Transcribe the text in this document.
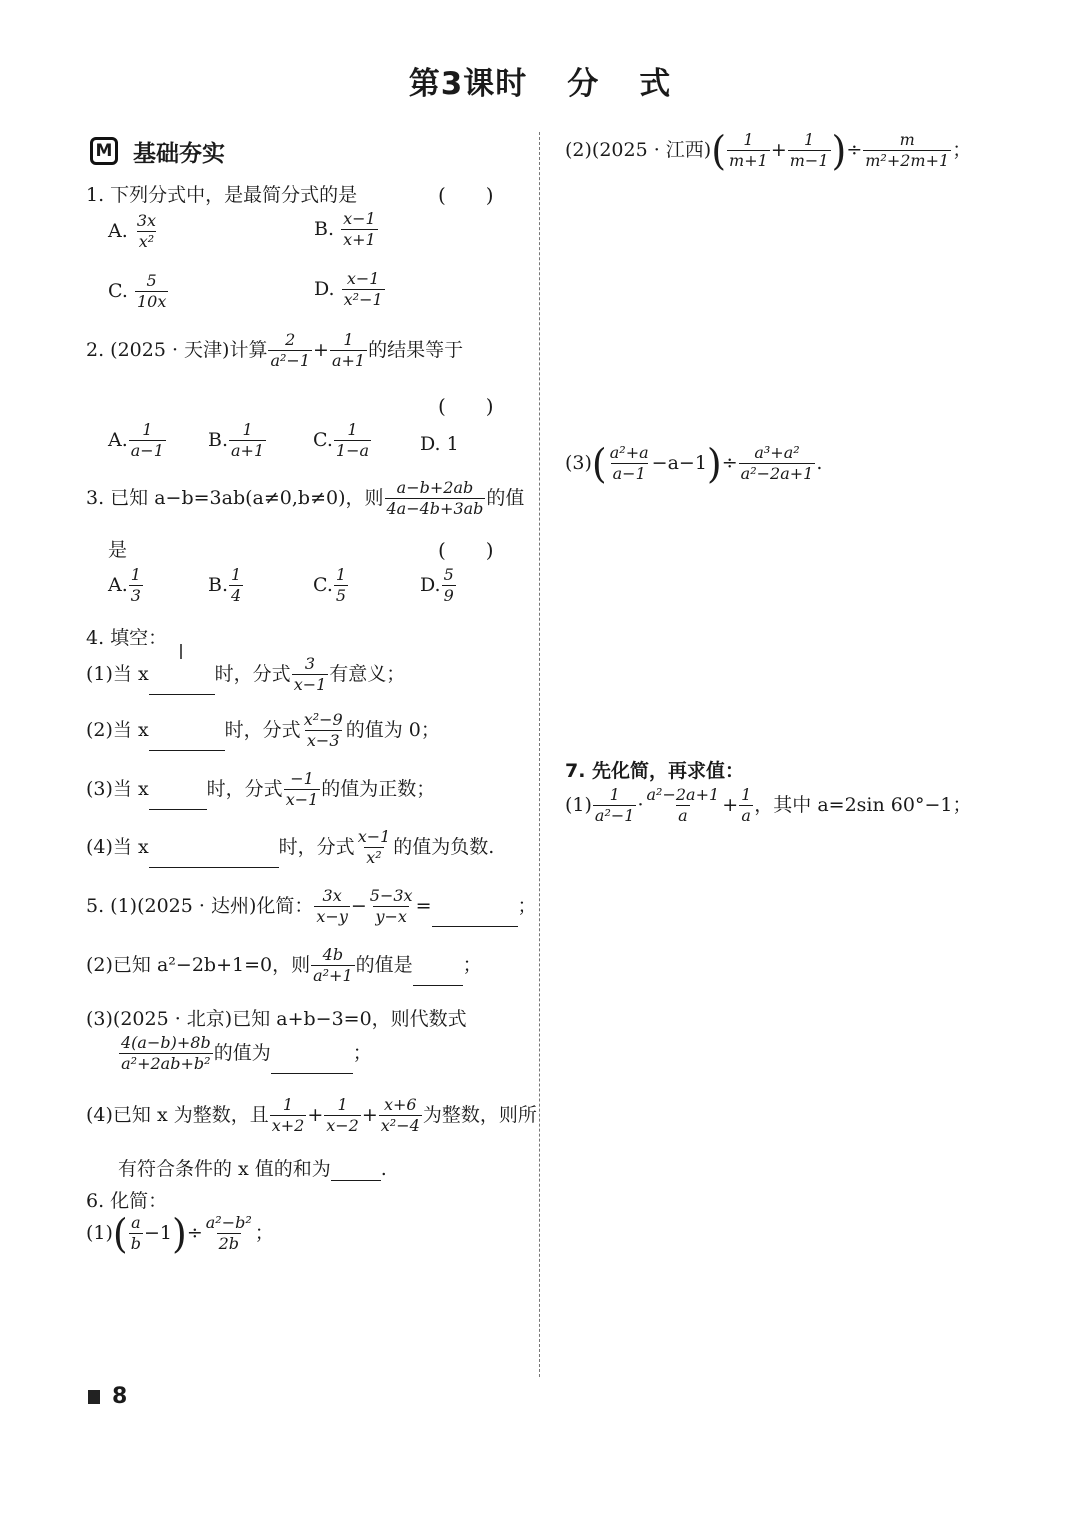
第3课时 分 式
M 基础夯实
1. 下列分式中，是最简分式的是	(　　)
A. $\frac{3x}{\text{x²}}$	B. $\frac{x-1}{x+1}$
C. $\frac{5}{10x}$	D. $\frac{x-1}{\text{x²−1}}$
2. (2025 · 天津)计算 $\frac{2}{\text{a²−1}} + \frac{1}{a+1}$ 的结果等于
(　　)
A. $\frac{1}{a-1} B$. $\frac{1}{a+1} C$. $\frac{1}{1-a}$	D. 1
3. 已知 a−b=3ab(a≠0,b≠0)，则 $\frac{a-b+2ab}{4a-4b+3ab}$ 的值
是	(　　)
A. $\frac{1}{3}$	B. $\frac{1}{4}$	C. $\frac{1}{5}$	D. $\frac{5}{9}$
4. 填空：
(1)当 x	时，分式 $\frac{3}{x-1}$ 有意义；
(2)当 x	时，分式 $\frac{\text{x²−9}}{x-3}$ 的值为 0；
(3)当 x	时，分式 $\frac{-1}{x-1}$ 的值为正数；
(4)当 x	时，分式 $\frac{x-1}{\text{x²}}$ 的值为负数.
5. (1)(2025 · 达州)化简： $\frac{3x}{x-y} - \frac{5-3x}{y-x}$ =	；
(2)已知 a²−2b+1=0，则 $\frac{4b}{\text{a²+1}}$ 的值是	；
(3)(2025 · 北京)已知 a+b−3=0，则代数式
$\frac{4(a-b)+8b}{\text{a²+2ab+b²}}$ 的值为	；
(4)已知 x 为整数，且 $\frac{1}{x+2} + \frac{1}{x-2} + \frac{x+6}{\text{x²−4}}$ 为整数，则所
有符合条件的 x 值的和为	.
6. 化简：
$(1)( \frac{a}{b} -1)\div \frac{\text{a²−b²}}{2b}$ ；
(2)(2025 · 江西)( $\frac{1}{m+1} + \frac{1}{m-1}$ )÷ $\frac{m}{\text{m²+2m+1}}$ ；
$(3)( \frac{\text{a²+a}}{a-1} -a-1)\div \frac{\text{a³+a²}}{\text{a²−2a+1}}$ .
7. 先化简，再求值：
$(1) \frac{1}{\text{a²−1}} \cdot \frac{\text{a²−2a+1}}{a} + \frac{1}{a}$ ，其中 a=2sin 60°−1；
8
